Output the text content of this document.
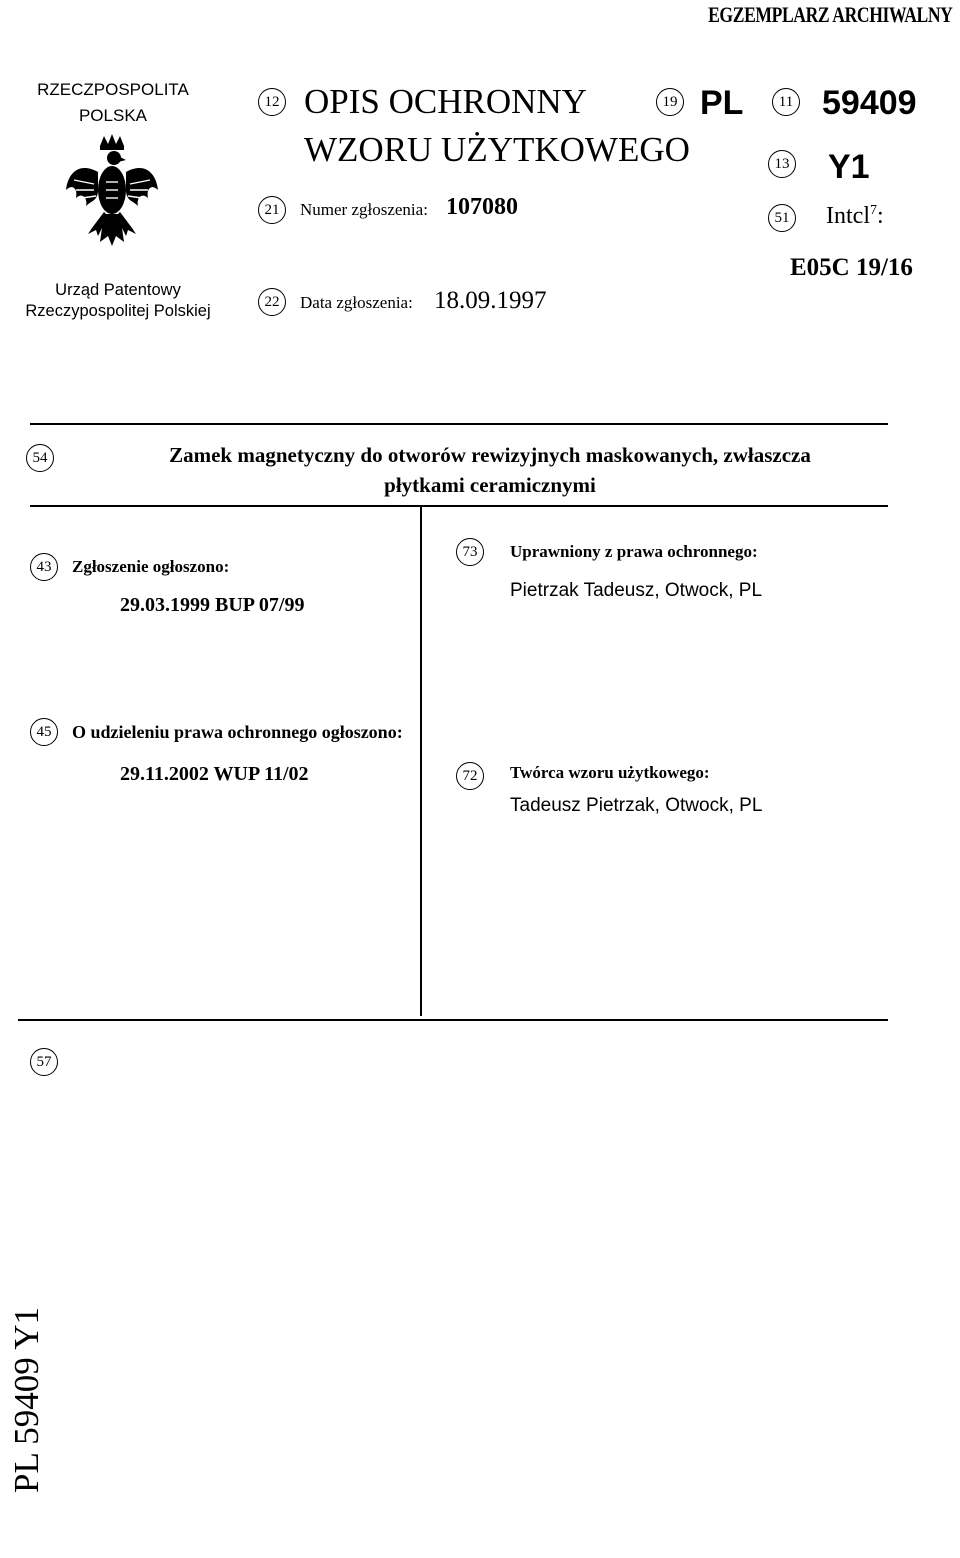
EGZEMPLARZ ARCHIWALNY
RZECZPOSPOLITA
POLSKA
Urząd Patentowy
Rzeczypospolitej Polskiej
12 OPIS OCHRONNY
WZORU UŻYTKOWEGO
19 PL	11 59409
13 Y1
21	Numer zgłoszenia: 107080	51 Intcl$^7$:
E05C 19/16
22	Data zgłoszenia: 18.09.1997
54	Zamek magnetyczny do otworów rewizyjnych maskowanych, zwłaszcza
płytkami ceramicznymi
43	Zgłoszenie ogłoszono:
29.03.1999 BUP 07/99
73	Uprawniony z prawa ochronnego:
Pietrzak Tadeusz, Otwock, PL
45	O udzieleniu prawa ochronnego ogłoszono:
29.11.2002 WUP 11/02	72	Twórca wzoru użytkowego:
Tadeusz Pietrzak, Otwock, PL
57
PL 59409 Y1
